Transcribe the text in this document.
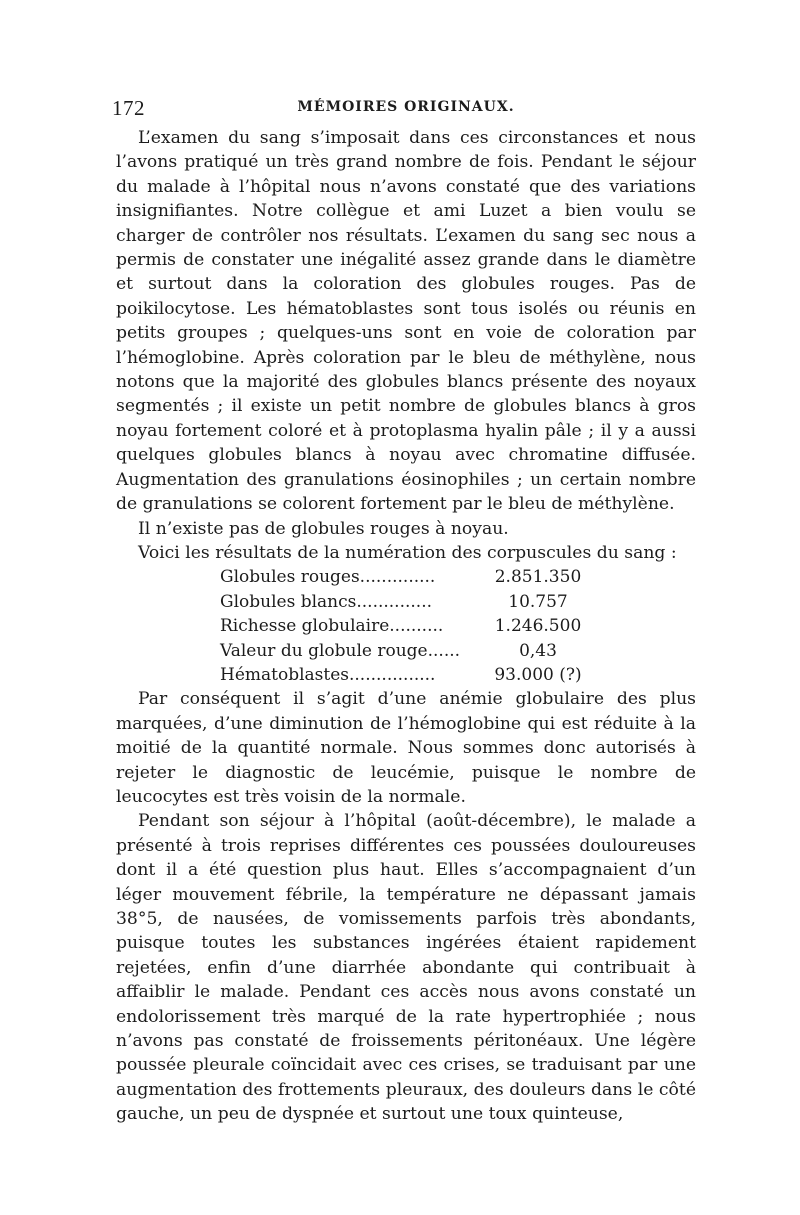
172	MÉMOIRES ORIGINAUX.

L’examen du sang s’imposait dans ces circonstances et nous l’avons pratiqué un très grand nombre de fois. Pendant le séjour du malade à l’hôpital nous n’avons constaté que des variations insignifiantes. Notre collègue et ami Luzet a bien voulu se charger de contrôler nos résultats. L’examen du sang sec nous a permis de constater une inégalité assez grande dans le diamètre et surtout dans la coloration des globules rouges. Pas de poikilocytose. Les hématoblastes sont tous isolés ou réunis en petits groupes ; quelques-uns sont en voie de coloration par l’hémoglobine. Après coloration par le bleu de méthylène, nous notons que la majorité des globules blancs présente des noyaux segmentés ; il existe un petit nombre de globules blancs à gros noyau fortement coloré et à protoplasma hyalin pâle ; il y a aussi quelques globules blancs à noyau avec chromatine diffusée. Augmentation des granulations éosinophiles ; un certain nombre de granulations se colorent fortement par le bleu de méthylène.

Il n’existe pas de globules rouges à noyau.

Voici les résultats de la numération des corpuscules du sang :

Globules rouges..............	2.851.350
Globules blancs..............	10.757
Richesse globulaire..........	1.246.500
Valeur du globule rouge......	0,43
Hématoblastes................	93.000 (?)

Par conséquent il s’agit d’une anémie globulaire des plus marquées, d’une diminution de l’hémoglobine qui est réduite à la moitié de la quantité normale. Nous sommes donc autorisés à rejeter le diagnostic de leucémie, puisque le nombre de leucocytes est très voisin de la normale.

Pendant son séjour à l’hôpital (août-décembre), le malade a présenté à trois reprises différentes ces poussées douloureuses dont il a été question plus haut. Elles s’accompagnaient d’un léger mouvement fébrile, la température ne dépassant jamais 38°5, de nausées, de vomissements parfois très abondants, puisque toutes les substances ingérées étaient rapidement rejetées, enfin d’une diarrhée abondante qui contribuait à affaiblir le malade. Pendant ces accès nous avons constaté un endolorissement très marqué de la rate hypertrophiée ; nous n’avons pas constaté de froissements péritonéaux. Une légère poussée pleurale coïncidait avec ces crises, se traduisant par une augmentation des frottements pleuraux, des douleurs dans le côté gauche, un peu de dyspnée et surtout une toux quinteuse,
